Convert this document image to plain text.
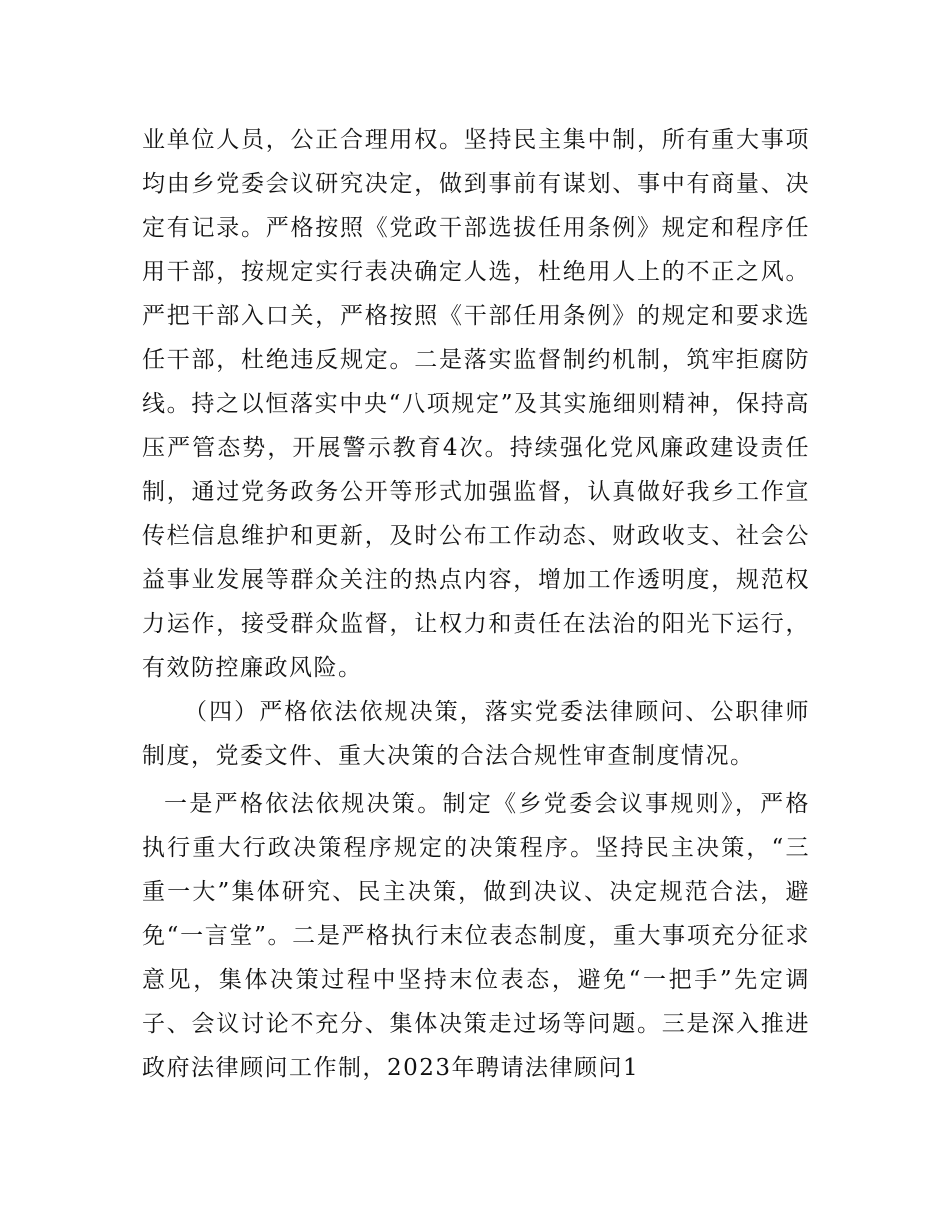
业单位人员，公正合理用权。坚持民主集中制，所有重大事项均由乡党委会议研究决定，做到事前有谋划、事中有商量、决定有记录。严格按照《党政干部选拔任用条例》规定和程序任用干部，按规定实行表决确定人选，杜绝用人上的不正之风。严把干部入口关，严格按照《干部任用条例》的规定和要求选任干部，杜绝违反规定。二是落实监督制约机制，筑牢拒腐防线。持之以恒落实中央“八项规定”及其实施细则精神，保持高压严管态势，开展警示教育4次。持续强化党风廉政建设责任制，通过党务政务公开等形式加强监督，认真做好我乡工作宣传栏信息维护和更新，及时公布工作动态、财政收支、社会公益事业发展等群众关注的热点内容，增加工作透明度，规范权力运作，接受群众监督，让权力和责任在法治的阳光下运行，有效防控廉政风险。

（四）严格依法依规决策，落实党委法律顾问、公职律师制度，党委文件、重大决策的合法合规性审查制度情况。

一是严格依法依规决策。制定《乡党委会议事规则》，严格执行重大行政决策程序规定的决策程序。坚持民主决策，“三重一大”集体研究、民主决策，做到决议、决定规范合法，避免“一言堂”。二是严格执行末位表态制度，重大事项充分征求意见，集体决策过程中坚持末位表态，避免“一把手”先定调子、会议讨论不充分、集体决策走过场等问题。三是深入推进政府法律顾问工作制，2023年聘请法律顾问1
